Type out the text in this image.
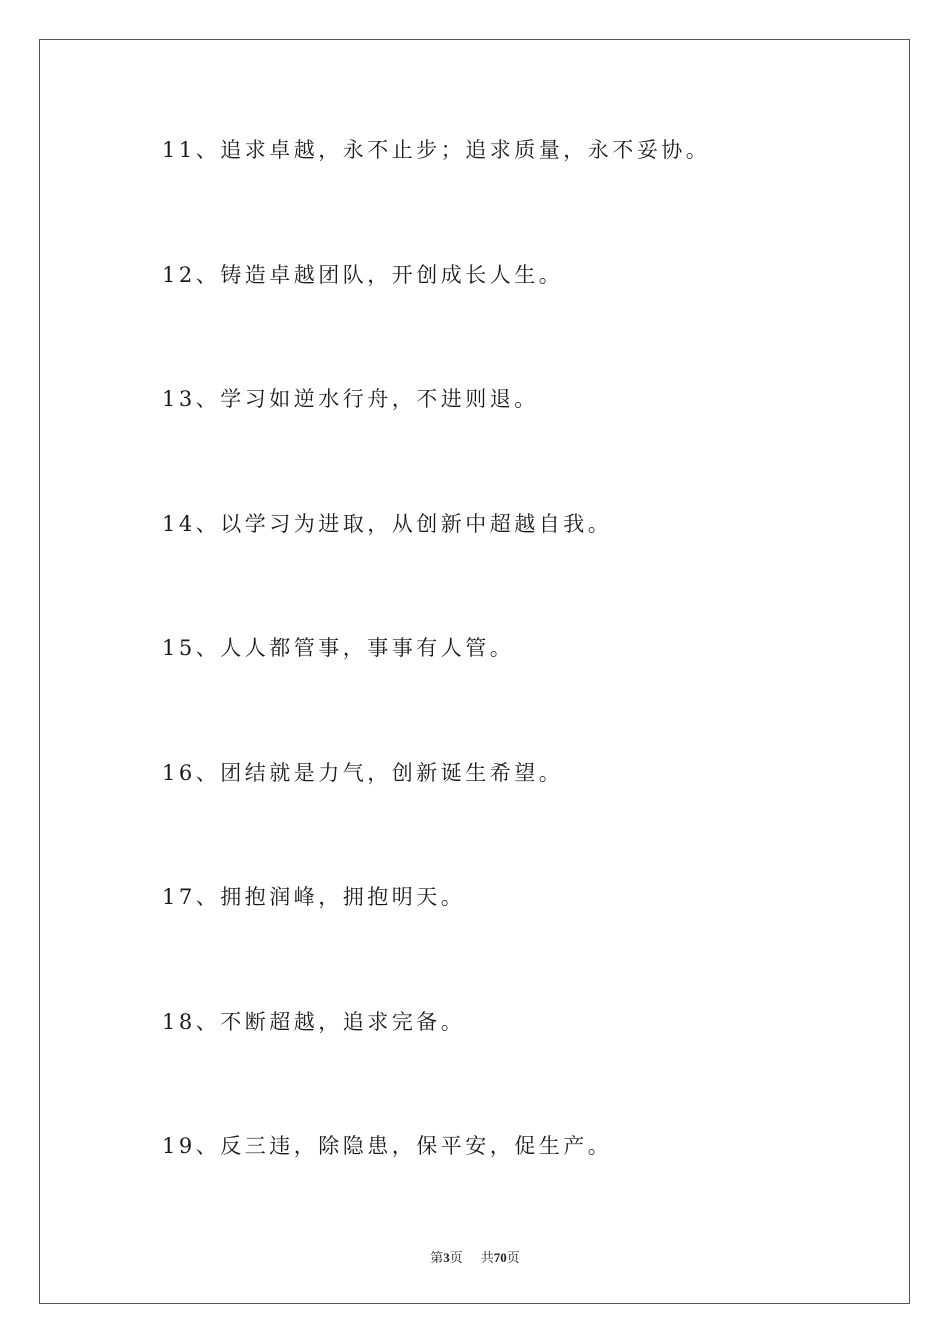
11、追求卓越，永不止步；追求质量，永不妥协。
12、铸造卓越团队，开创成长人生。
13、学习如逆水行舟，不进则退。
14、以学习为进取，从创新中超越自我。
15、人人都管事，事事有人管。
16、团结就是力气，创新诞生希望。
17、拥抱润峰，拥抱明天。
18、不断超越，追求完备。
19、反三违，除隐患，保平安，促生产。
第3页 共70页
